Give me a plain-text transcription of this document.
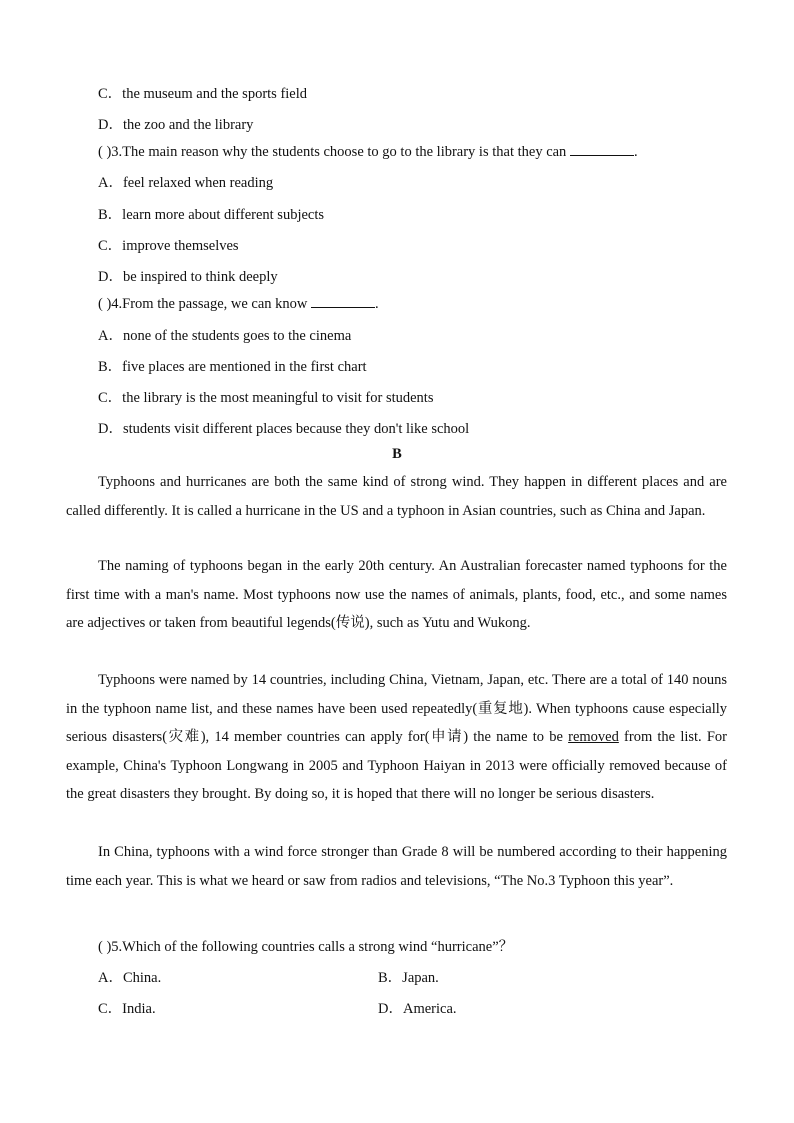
C．the museum and the sports field
D．the zoo and the library
( )3.The main reason why the students choose to go to the library is that they can	.
A．feel relaxed when reading
B．learn more about different subjects
C．improve themselves
D．be inspired to think deeply
( )4.From the passage, we can know	.
A．none of the students goes to the cinema
B．five places are mentioned in the first chart
C．the library is the most meaningful to visit for students
D．students visit different places because they don't like school
B
Typhoons and hurricanes are both the same kind of strong wind. They happen in different places and are called differently. It is called a hurricane in the US and a typhoon in Asian countries, such as China and Japan.
The naming of typhoons began in the early 20th century. An Australian forecaster named typhoons for the first time with a man's name. Most typhoons now use the names of animals, plants, food, etc., and some names are adjectives or taken from beautiful legends(传说), such as Yutu and Wukong.
Typhoons were named by 14 countries, including China, Vietnam, Japan, etc. There are a total of 140 nouns in the typhoon name list, and these names have been used repeatedly(重复地). When typhoons cause especially serious disasters(灾难), 14 member countries can apply for(申请) the name to be removed from the list. For example, China's Typhoon Longwang in 2005 and Typhoon Haiyan in 2013 were officially removed because of the great disasters they brought. By doing so, it is hoped that there will no longer be serious disasters.
In China, typhoons with a wind force stronger than Grade 8 will be numbered according to their happening time each year. This is what we heard or saw from radios and televisions, “The No.3 Typhoon this year”.
( )5.Which of the following countries calls a strong wind “hurricane”？
A．China.	B．Japan.
C．India.	D．America.
